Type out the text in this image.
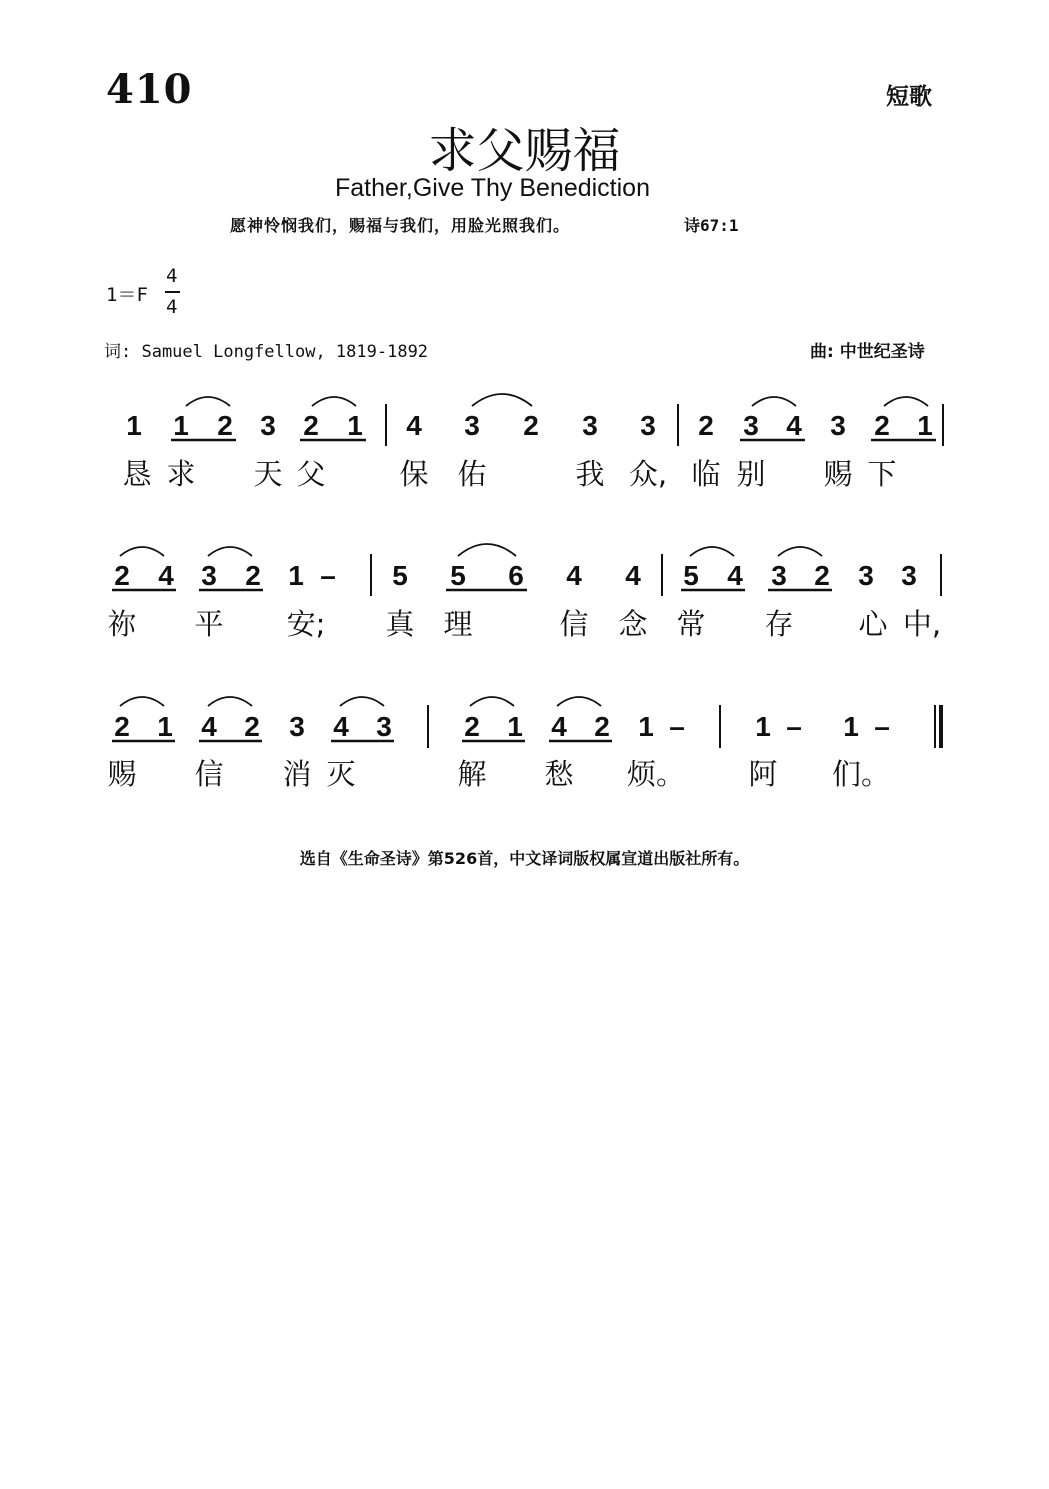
410	短歌
求父赐福
Father,Give Thy Benediction
愿神怜悯我们，赐福与我们，用脸光照我们。	诗67:1
1＝F
4
4
词: Samuel Longfellow, 1819-1892	曲: 中世纪圣诗
1 1 2 3 2 1 4 3 2 3 3 2 3 4 3 2 1
恳 求 天 父	保 佑	我 众, 临 别 赐 下
2 4 3 2 1 – 5 5 6 4 4 5 4 3 2 3 3
祢 平 安; 真 理	信 念 常 存 心 中,
2 1 4 2 3 4 3	2 1 4 2 1 –	1 – 1 –
赐 信 消 灭	解 愁 烦。 阿 们。
选自《生命圣诗》第526首，中文译词版权属宣道出版社所有。
